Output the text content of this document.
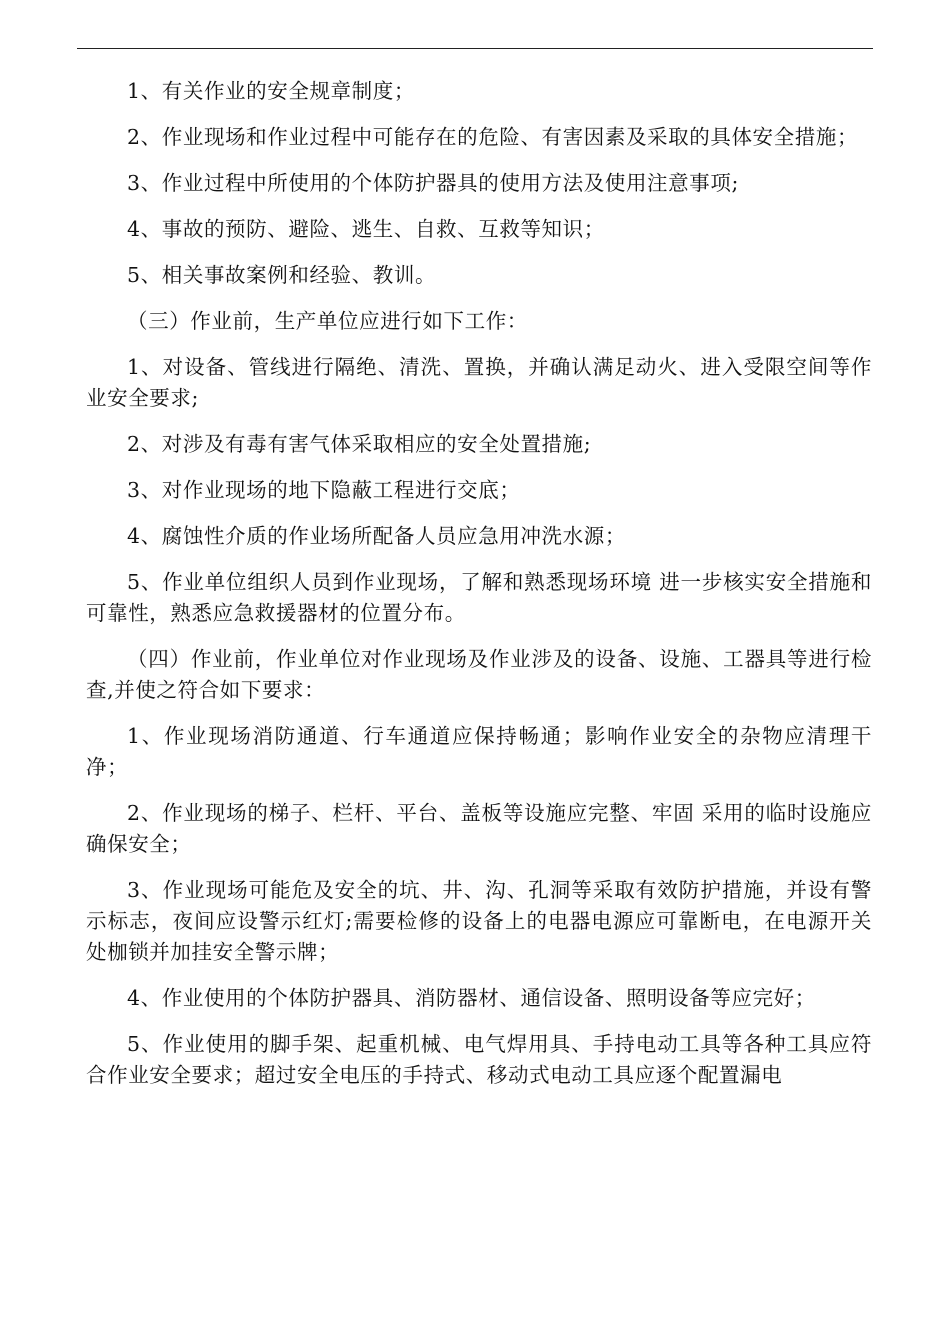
1、有关作业的安全规章制度；

2、作业现场和作业过程中可能存在的危险、有害因素及采取的具体安全措施；

3、作业过程中所使用的个体防护器具的使用方法及使用注意事项;

4、事故的预防、避险、逃生、自救、互救等知识；

5、相关事故案例和经验、教训。

（三）作业前，生产单位应进行如下工作：

1、对设备、管线进行隔绝、清洗、置换，并确认满足动火、进入受限空间等作业安全要求;

2、对涉及有毒有害气体采取相应的安全处置措施;

3、对作业现场的地下隐蔽工程进行交底；

4、腐蚀性介质的作业场所配备人员应急用冲洗水源；

5、作业单位组织人员到作业现场，了解和熟悉现场环境 进一步核实安全措施和可靠性，熟悉应急救援器材的位置分布。

（四）作业前，作业单位对作业现场及作业涉及的设备、设施、工器具等进行检查,并使之符合如下要求：

1、作业现场消防通道、行车通道应保持畅通；影响作业安全的杂物应清理干净；

2、作业现场的梯子、栏杆、平台、盖板等设施应完整、牢固 采用的临时设施应确保安全；

3、作业现场可能危及安全的坑、井、沟、孔洞等采取有效防护措施，并设有警示标志，夜间应设警示红灯;需要检修的设备上的电器电源应可靠断电，在电源开关处枷锁并加挂安全警示牌；

4、作业使用的个体防护器具、消防器材、通信设备、照明设备等应完好；

5、作业使用的脚手架、起重机械、电气焊用具、手持电动工具等各种工具应符合作业安全要求；超过安全电压的手持式、移动式电动工具应逐个配置漏电
